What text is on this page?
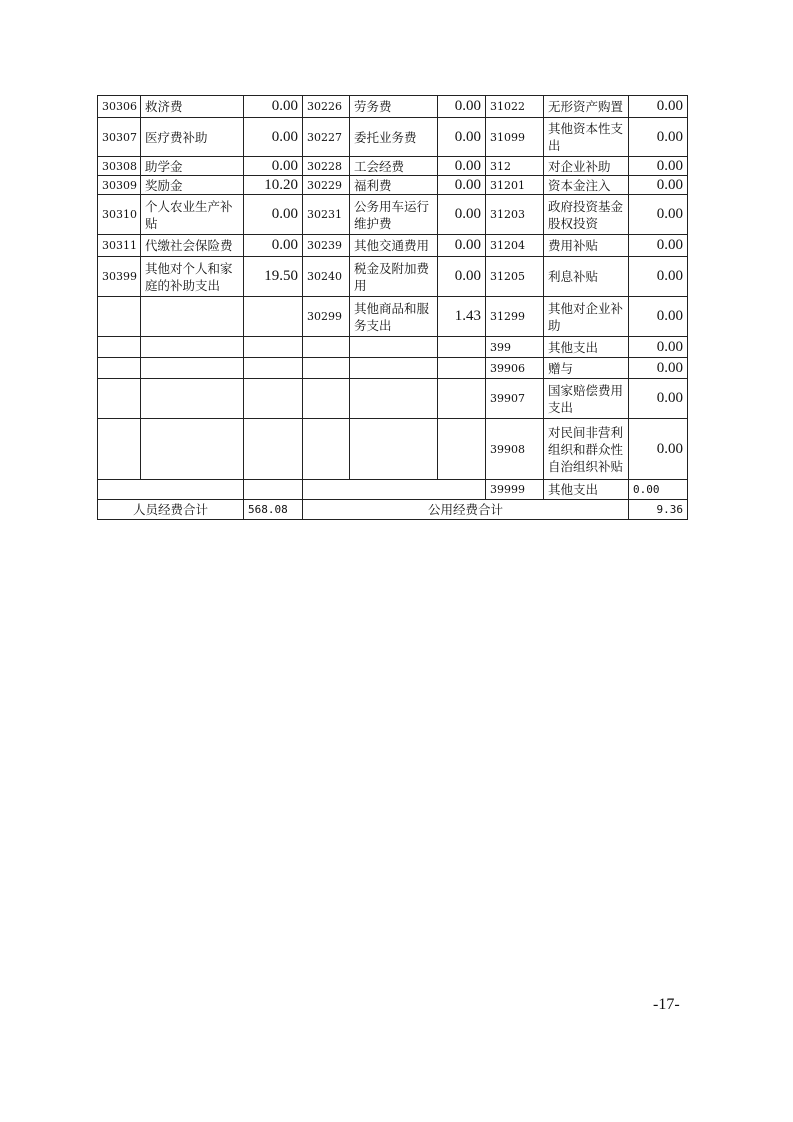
30306	救济费	0.00	30226	劳务费	0.00	31022	无形资产购置	0.00
30307	医疗费补助	0.00	30227	委托业务费	0.00	31099	其他资本性支出	0.00
30308	助学金	0.00	30228	工会经费	0.00	312	对企业补助	0.00
30309	奖励金	10.20	30229	福利费	0.00	31201	资本金注入	0.00
30310	个人农业生产补贴	0.00	30231	公务用车运行维护费	0.00	31203	政府投资基金股权投资	0.00
30311	代缴社会保险费	0.00	30239	其他交通费用	0.00	31204	费用补贴	0.00
30399	其他对个人和家庭的补助支出	19.50	30240	税金及附加费用	0.00	31205	利息补贴	0.00
			30299	其他商品和服务支出	1.43	31299	其他对企业补助	0.00
						399	其他支出	0.00
						39906	赠与	0.00
						39907	国家赔偿费用支出	0.00
						39908	对民间非营利组织和群众性自治组织补贴	0.00
						39999	其他支出	0.00
人员经费合计		568.08	公用经费合计					9.36
-17-
